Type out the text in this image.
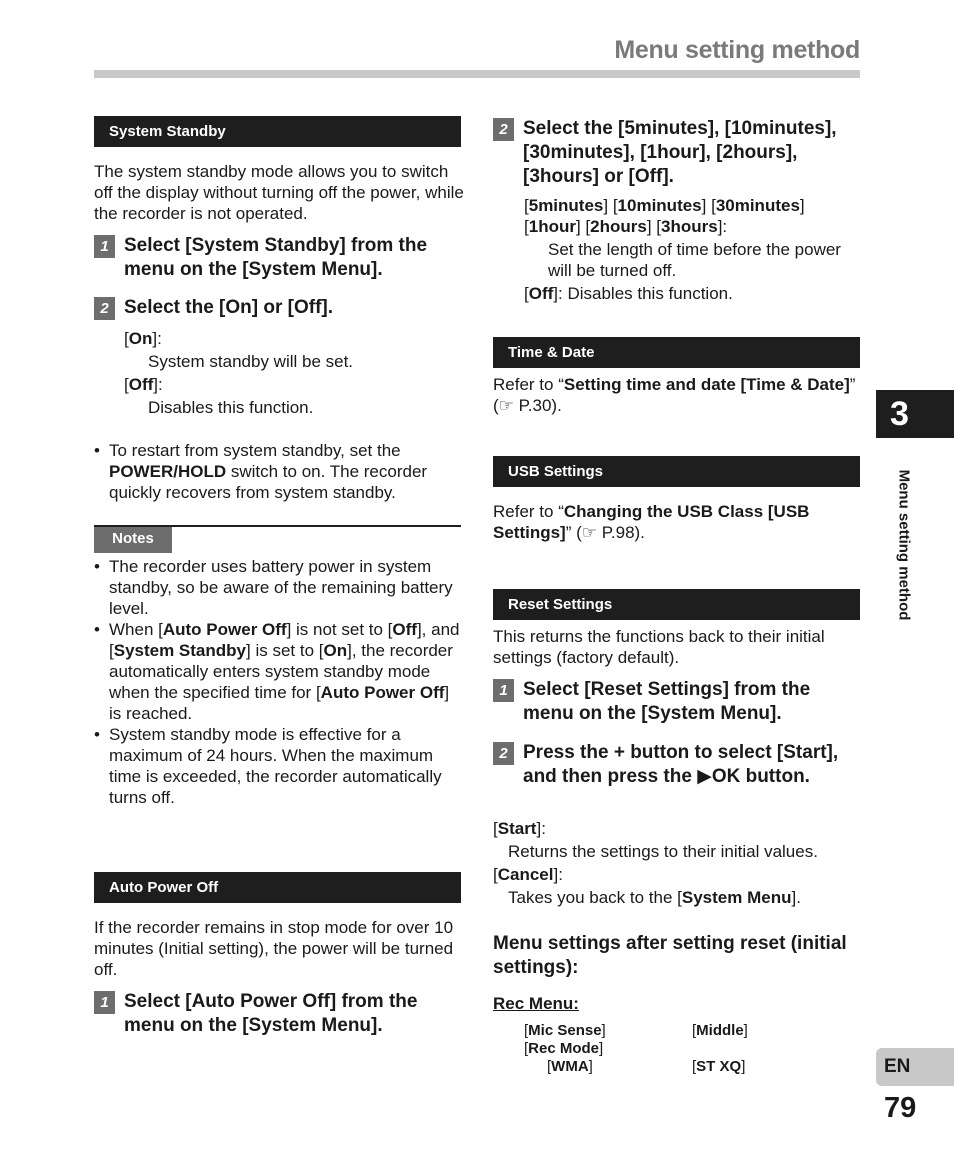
Menu setting method
System Standby
The system standby mode allows you to switch off the display without turning off the power, while the recorder is not operated.
1 Select [System Standby] from the menu on the [System Menu].
2 Select the [On] or [Off].
[On]:
System standby will be set.
[Off]:
Disables this function.
• To restart from system standby, set the POWER/HOLD switch to on. The recorder quickly recovers from system standby.
Notes
• The recorder uses battery power in system standby, so be aware of the remaining battery level.
• When [Auto Power Off] is not set to [Off], and [System Standby] is set to [On], the recorder automatically enters system standby mode when the specified time for [Auto Power Off] is reached.
• System standby mode is effective for a maximum of 24 hours. When the maximum time is exceeded, the recorder automatically turns off.
Auto Power Off
If the recorder remains in stop mode for over 10 minutes (Initial setting), the power will be turned off.
1 Select [Auto Power Off] from the menu on the [System Menu].
2 Select the [5minutes], [10minutes], [30minutes], [1hour], [2hours], [3hours] or [Off].
[5minutes] [10minutes] [30minutes] [1hour] [2hours] [3hours]:
Set the length of time before the power will be turned off.
[Off]: Disables this function.
Time & Date
Refer to “Setting time and date [Time & Date]” (☞ P.30).
USB Settings
Refer to “Changing the USB Class [USB Settings]” (☞ P.98).
Reset Settings
This returns the functions back to their initial settings (factory default).
1 Select [Reset Settings] from the menu on the [System Menu].
2 Press the + button to select [Start], and then press the ▶OK button.
[Start]:
Returns the settings to their initial values.
[Cancel]:
Takes you back to the [System Menu].
Menu settings after setting reset (initial settings):
Rec Menu:
[Mic Sense]	[Middle]
[Rec Mode]
[WMA]	[ST XQ]
3
Menu setting method
EN
79
